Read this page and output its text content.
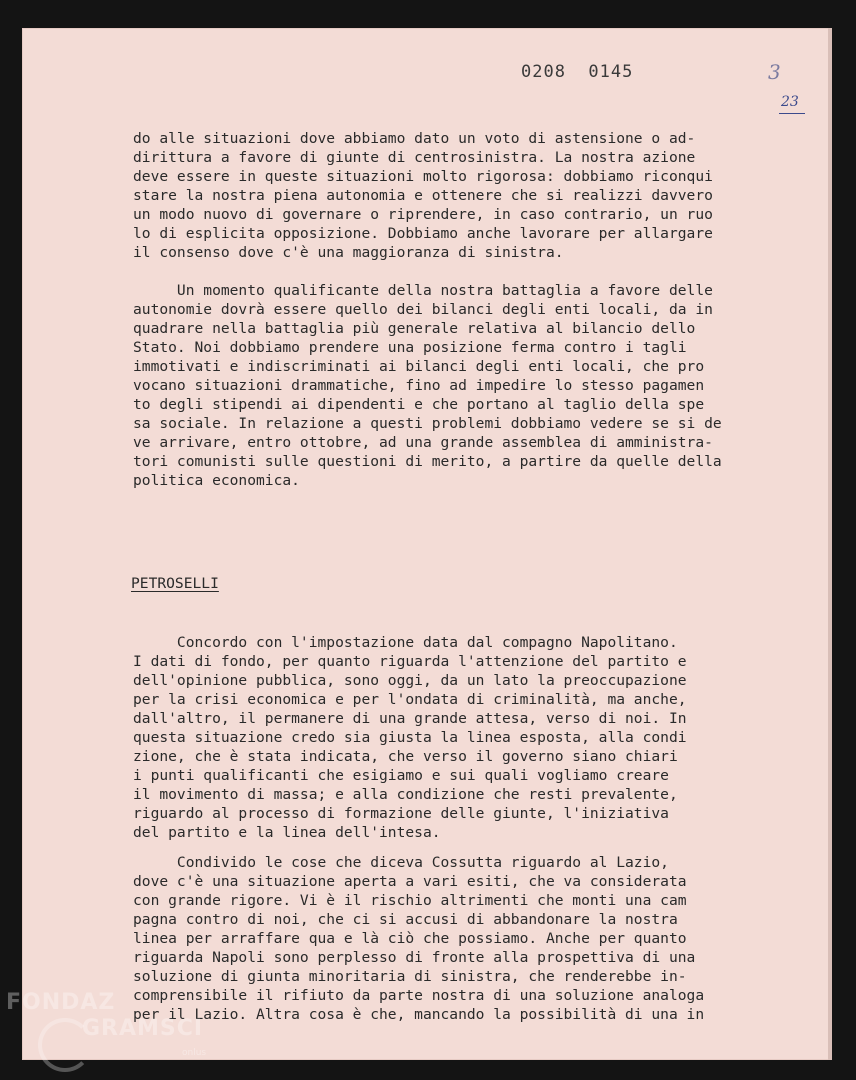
0208  0145	3
23
do alle situazioni dove abbiamo dato un voto di astensione o ad-
dirittura a favore di giunte di centrosinistra. La nostra azione
deve essere in queste situazioni molto rigorosa: dobbiamo riconqui
stare la nostra piena autonomia e ottenere che si realizzi davvero
un modo nuovo di governare o riprendere, in caso contrario, un ruo
lo di esplicita opposizione. Dobbiamo anche lavorare per allargare
il consenso dove c'è una maggioranza di sinistra.
Un momento qualificante della nostra battaglia a favore delle
autonomie dovrà essere quello dei bilanci degli enti locali, da in
quadrare nella battaglia più generale relativa al bilancio dello
Stato. Noi dobbiamo prendere una posizione ferma contro i tagli
immotivati e indiscriminati ai bilanci degli enti locali, che pro
vocano situazioni drammatiche, fino ad impedire lo stesso pagamen
to degli stipendi ai dipendenti e che portano al taglio della spe
sa sociale. In relazione a questi problemi dobbiamo vedere se si de
ve arrivare, entro ottobre, ad una grande assemblea di amministra-
tori comunisti sulle questioni di merito, a partire da quelle della
politica economica.
PETROSELLI
Concordo con l'impostazione data dal compagno Napolitano.
I dati di fondo, per quanto riguarda l'attenzione del partito e
dell'opinione pubblica, sono oggi, da un lato la preoccupazione
per la crisi economica e per l'ondata di criminalità, ma anche,
dall'altro, il permanere di una grande attesa, verso di noi. In
questa situazione credo sia giusta la linea esposta, alla condi
zione, che è stata indicata, che verso il governo siano chiari
i punti qualificanti che esigiamo e sui quali vogliamo creare
il movimento di massa; e alla condizione che resti prevalente,
riguardo al processo di formazione delle giunte, l'iniziativa
del partito e la linea dell'intesa.
Condivido le cose che diceva Cossutta riguardo al Lazio,
dove c'è una situazione aperta a vari esiti, che va considerata
con grande rigore. Vi è il rischio altrimenti che monti una cam
pagna contro di noi, che ci si accusi di abbandonare la nostra
linea per arraffare qua e là ciò che possiamo. Anche per quanto
riguarda Napoli sono perplesso di fronte alla prospettiva di una
soluzione di giunta minoritaria di sinistra, che renderebbe in-
comprensibile il rifiuto da parte nostra di una soluzione analoga
per il Lazio. Altra cosa è che, mancando la possibilità di una in
FONDAZ
GRAMSCI
onlus
